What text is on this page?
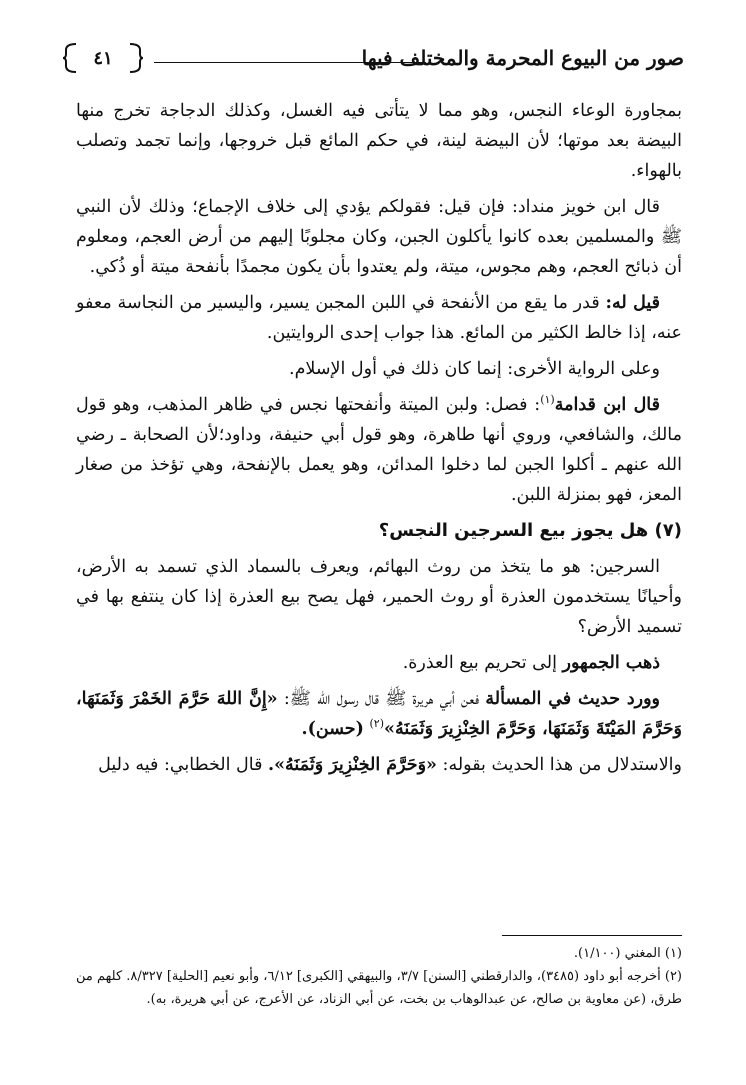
صور من البيوع المحرمة والمختلف فيها
٤١

بمجاورة الوعاء النجس، وهو مما لا يتأتى فيه الغسل، وكذلك الدجاجة تخرج منها البيضة بعد موتها؛ لأن البيضة لينة، في حكم المائع قبل خروجها، وإنما تجمد وتصلب بالهواء.

قال ابن خويز منداد: فإن قيل: فقولكم يؤدي إلى خلاف الإجماع؛ وذلك لأن النبي ﷺ والمسلمين بعده كانوا يأكلون الجبن، وكان مجلوبًا إليهم من أرض العجم، ومعلوم أن ذبائح العجم، وهم مجوس، ميتة، ولم يعتدوا بأن يكون مجمدًا بأنفحة ميتة أو ذُكي.

قيل له: قدر ما يقع من الأنفحة في اللبن المجبن يسير، واليسير من النجاسة معفو عنه، إذا خالط الكثير من المائع. هذا جواب إحدى الروايتين.

وعلى الرواية الأخرى: إنما كان ذلك في أول الإسلام.

قال ابن قدامة$^{(١)}$: فصل: ولبن الميتة وأنفحتها نجس في ظاهر المذهب، وهو قول مالك، والشافعي، وروي أنها طاهرة، وهو قول أبي حنيفة، وداود؛لأن الصحابة ـ رضي الله عنهم ـ أكلوا الجبن لما دخلوا المدائن، وهو يعمل بالإنفحة، وهي تؤخذ من صغار المعز، فهو بمنزلة اللبن.

(٧) هل يجوز بيع السرجين النجس؟

السرجين: هو ما يتخذ من روث البهائم، ويعرف بالسماد الذي تسمد به الأرض، وأحيانًا يستخدمون العذرة أو روث الحمير، فهل يصح بيع العذرة إذا كان ينتفع بها في تسميد الأرض؟

ذهب الجمهور إلى تحريم بيع العذرة.

وورد حديث في المسألة فعن أبي هريرة ﷺ قال رسول الله ﷺ: «إِنَّ اللهَ حَرَّمَ الخَمْرَ وَثَمَنَهَا، وَحَرَّمَ المَيْتَةَ وَثَمَنَهَا، وَحَرَّمَ الخِنْزِيرَ وَثَمَنَهُ»$^{(٢)}$ (حسن).

والاستدلال من هذا الحديث بقوله: «وَحَرَّمَ الخِنْزِيرَ وَثَمَنَهُ». قال الخطابي: فيه دليل

(١) المغني (١/١٠٠).

(٢) أخرجه أبو داود (٣٤٨٥)، والدارقطني [السنن] ٣/٧، والبيهقي [الكبرى] ٦/١٢، وأبو نعيم [الحلية] ٨/٣٢٧. كلهم من طرق، (عن معاوية بن صالح، عن عبدالوهاب بن بخت، عن أبي الزناد، عن الأعرج، عن أبي هريرة، به).
